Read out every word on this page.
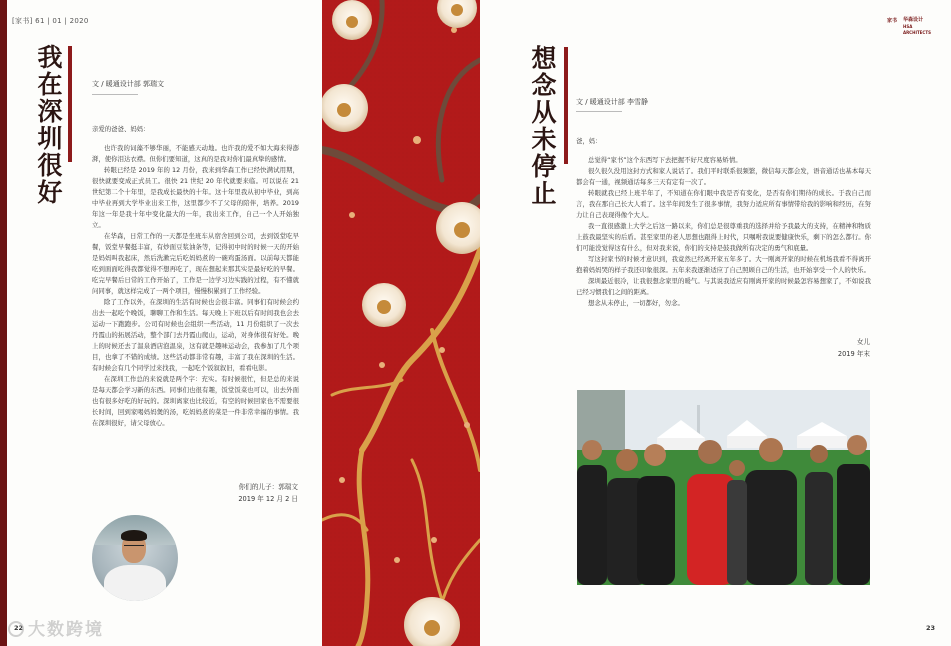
[家书] 61 | 01 | 2020
我在深圳很好
文 / 暖通设计部 郭瑞文

亲爱的爸爸、妈妈：

也许我的词藻不够华丽，不能感天动地。也许我的爱不如大海来得澎湃，使你泪达衣襟。但你们要知道，这真的是我对你们最真挚的感情。

转眼已经是 2019 年的 12 月份，我来到华森工作已经快满试用期，很快就要变成正式员工。很快 21 世纪 20 年代就要来临。可以说在 21 世纪第二个十年里，是我成长最快的十年。这十年里我从初中毕业，到高中毕业再到大学毕业出来工作，这里都少不了父母的陪伴，培养。2019 年这一年是我十年中变化最大的一年，我出来工作，自己一个人开始独立。

在华森，日常工作的一天都是坐班车从宿舍回到公司，去到饭堂吃早餐，饭堂早餐挺丰富，有炒面豆浆油条等，记得初中时的时候一天的开始是妈妈叫我起床，然后洗漱完后吃妈妈煮的一碗鸡蛋汤面。以前每天都能吃到面面吃得我都觉得不想再吃了，现在想起来那其实是最好吃的早餐。吃完早餐后日常的工作开始了，工作是一边学习边实践的过程，有不懂就问同事，就这样完成了一两个项目，慢慢积累到了工作经验。

除了工作以外，在深圳的生活有时候也会很丰富。同事们有时候会约出去一起吃个晚饭，聊聊工作和生活。每天晚上下班以后有时间我也会去运动一下跑跑步。公司有时候也会组织一些活动，11 月份组织了一次去丹霞山的拓展活动，整个部门去丹霞山爬山，运动，对身体很有好处。晚上的时候还去了温泉酒店泡温泉，这有就是趣味运动会，我参加了几个项目，也拿了不错的成绩。这些活动都非常有趣，丰富了我在深圳的生活。有时候会有几个同学过来找我，一起吃个饭叙叙旧，看看电影。

在深圳工作总的来说就是两个字：充实。有时候很忙，但是总的来说是每天都会学习新的东西。同事们也很有趣，饭堂饭菜也可以，出去外面也有很多好吃的好玩的。深圳离家也比较近，有空的时候回家也不需要很长时间，回到家喝妈妈煲的汤，吃妈妈煮的菜是一件非常幸福的事情。我在深圳很好，请父母放心。

你们的儿子：郭瑞文
2019 年 12 月 2 日
22 大数跨境
家书 华森设计
HSA ARCHITECTS
想念从未停止
文 / 暖通设计部 李雪静

爸，妈：

总觉得“家书”这个东西写下去把握不好尺度容易矫情。

很久很久没用这封方式和家人说话了。我们平时联系很频繁，微信每天都会发，语音通话也基本每天都会有一通，视频通话每多三天有定有一次了。

转眼就我已经上班半年了，不知道在你们眼中我是否有变化，是否有你们期待的成长。于我自己而言，我在那自己长大人看了。这半年间发生了很多事情，我努力适应所有事情带给我的影响和经历，在努力让自己表现得像个大人。

我一直很感激上大学之后这一路以来，你们总是很尊重我的选择并给予我最大的支持，在精神和物质上鼓我最坚实的后盾。甚至家里的老人思想也跟得上时代，只嘱咐我说要健康快乐，剩下的怎么都行。你们可能没觉得这有什么，但对我来说，你们的支持是鼓我做所有决定的勇气和底量。

写这封家书的时候才意识到，我竟然已经离开家五年多了。大一刚离开家的时候在机场我看不得离开抱着妈妈哭的样子我还印象很深。五年来我逐渐适应了自己照顾自己的生活，也开始享受一个人的快乐。

深圳最近很冷，让我很想念家里的暖气。与其说我适应有刚离开家的时候最怎容易想家了，不如说我已经习惯我们之间的距离。

想念从未停止，一切都好，勿念。

女儿
2019 年末
23
